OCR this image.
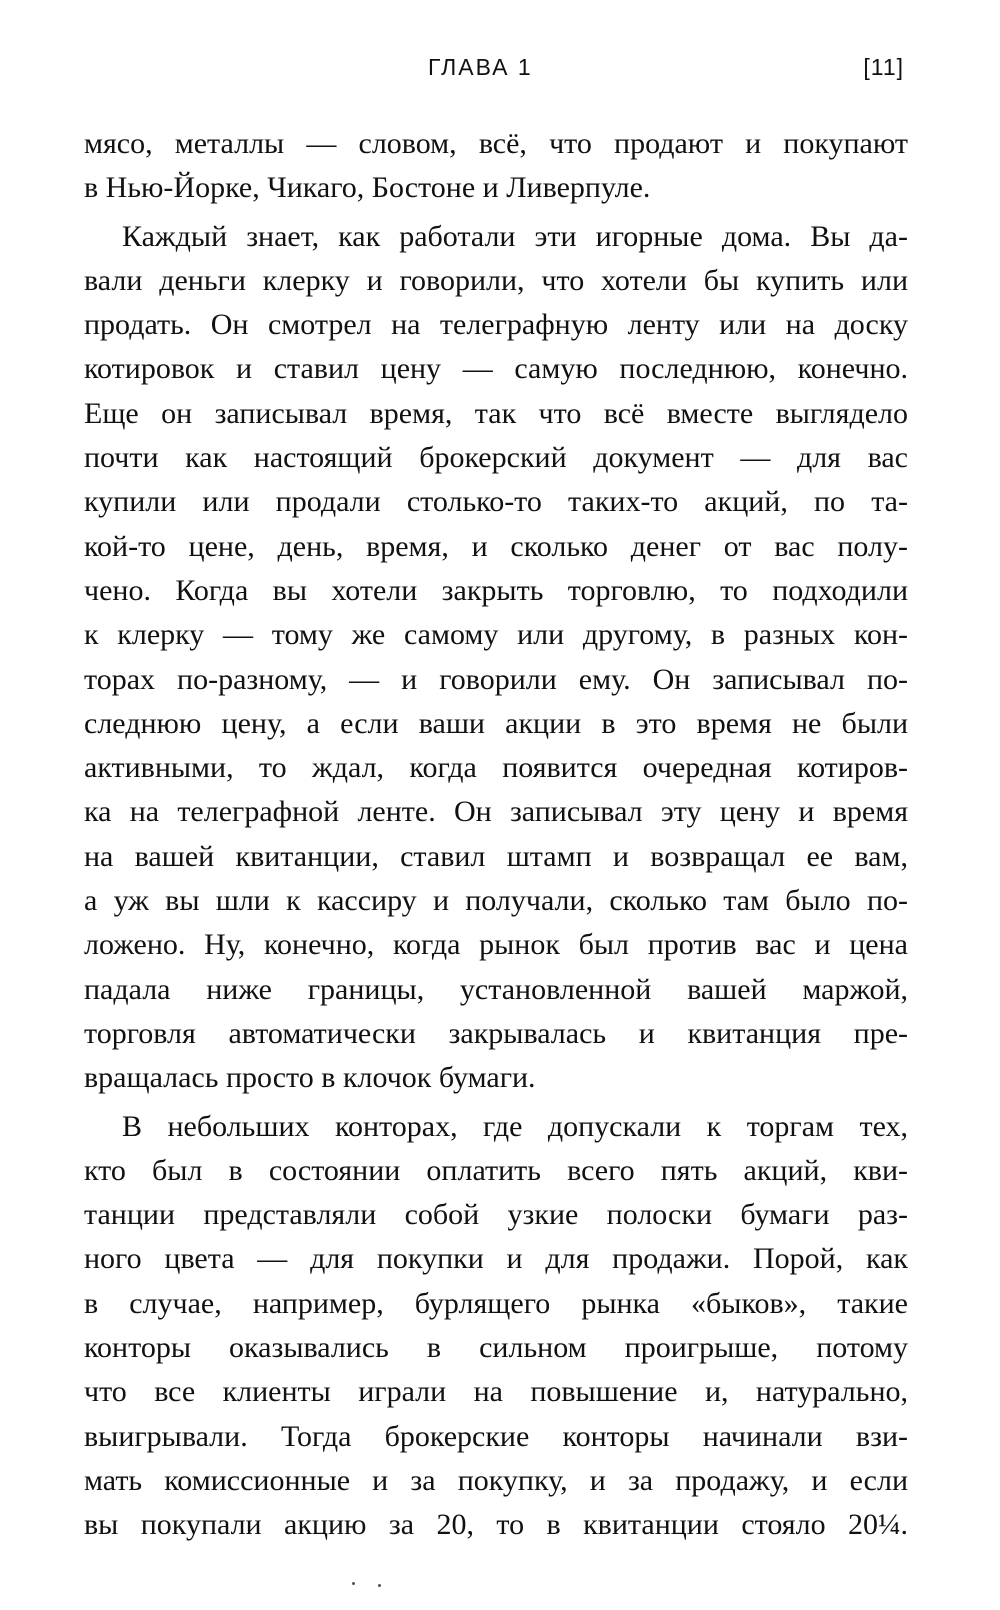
ГЛАВА 1	[11]
мясо, металлы — словом, всё, что продают и покупают
в Нью-Йорке, Чикаго, Бостоне и Ливерпуле.
Каждый знает, как работали эти игорные дома. Вы да-
вали деньги клерку и говорили, что хотели бы купить или
продать. Он смотрел на телеграфную ленту или на доску
котировок и ставил цену — самую последнюю, конечно.
Еще он записывал время, так что всё вместе выглядело
почти как настоящий брокерский документ — для вас
купили или продали столько-то таких-то акций, по та-
кой-то цене, день, время, и сколько денег от вас полу-
чено. Когда вы хотели закрыть торговлю, то подходили
к клерку — тому же самому или другому, в разных кон-
торах по-разному, — и говорили ему. Он записывал по-
следнюю цену, а если ваши акции в это время не были
активными, то ждал, когда появится очередная котиров-
ка на телеграфной ленте. Он записывал эту цену и время
на вашей квитанции, ставил штамп и возвращал ее вам,
а уж вы шли к кассиру и получали, сколько там было по-
ложено. Ну, конечно, когда рынок был против вас и цена
падала ниже границы, установленной вашей маржой,
торговля автоматически закрывалась и квитанция пре-
вращалась просто в клочок бумаги.
В небольших конторах, где допускали к торгам тех,
кто был в состоянии оплатить всего пять акций, кви-
танции представляли собой узкие полоски бумаги раз-
ного цвета — для покупки и для продажи. Порой, как
в случае, например, бурлящего рынка «быков», такие
конторы оказывались в сильном проигрыше, потому
что все клиенты играли на повышение и, натурально,
выигрывали. Тогда брокерские конторы начинали взи-
мать комиссионные и за покупку, и за продажу, и если
вы покупали акцию за 20, то в квитанции стояло 20¼.
